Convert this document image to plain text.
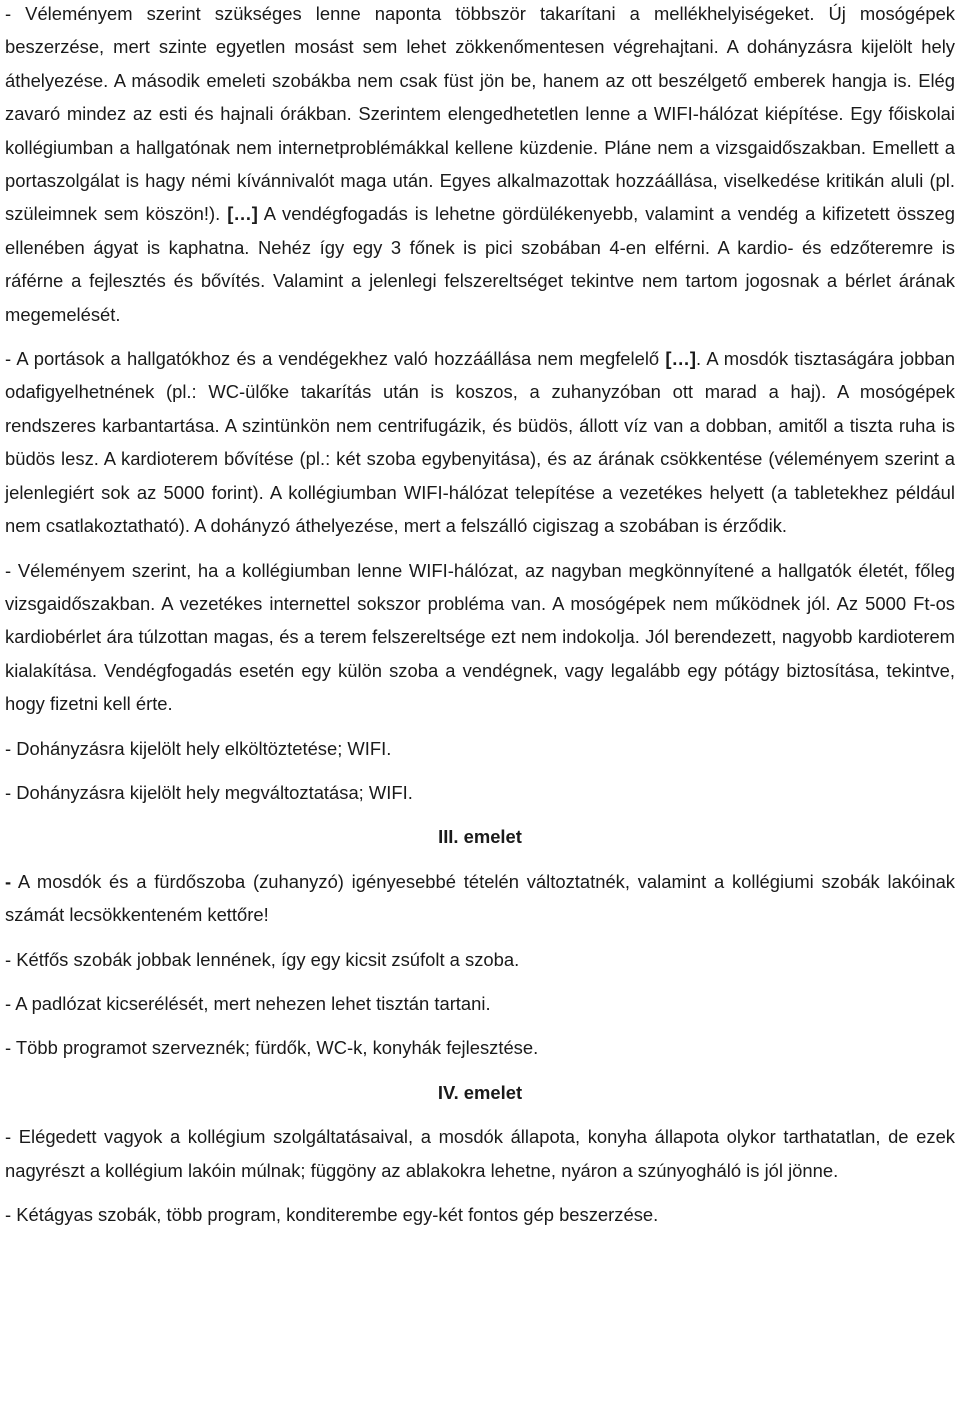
- Véleményem szerint szükséges lenne naponta többször takarítani a mellékhelyiségeket. Új mosógépek beszerzése, mert szinte egyetlen mosást sem lehet zökkenőmentesen végrehajtani. A dohányzásra kijelölt hely áthelyezése. A második emeleti szobákba nem csak füst jön be, hanem az ott beszélgető emberek hangja is. Elég zavaró mindez az esti és hajnali órákban. Szerintem elengedhetetlen lenne a WIFI-hálózat kiépítése. Egy főiskolai kollégiumban a hallgatónak nem internetproblémákkal kellene küzdenie. Pláne nem a vizsgaidőszakban. Emellett a portaszolgálat is hagy némi kívánnivalót maga után. Egyes alkalmazottak hozzáállása, viselkedése kritikán aluli (pl. szüleimnek sem köszön!). […] A vendégfogadás is lehetne gördülékenyebb, valamint a vendég a kifizetett összeg ellenében ágyat is kaphatna. Nehéz így egy 3 főnek is pici szobában 4-en elférni. A kardio- és edzőteremre is ráférne a fejlesztés és bővítés. Valamint a jelenlegi felszereltséget tekintve nem tartom jogosnak a bérlet árának megemelését.

- A portások a hallgatókhoz és a vendégekhez való hozzáállása nem megfelelő […]. A mosdók tisztaságára jobban odafigyelhetnének (pl.: WC-ülőke takarítás után is koszos, a zuhanyzóban ott marad a haj). A mosógépek rendszeres karbantartása. A szintünkön nem centrifugázik, és büdös, állott víz van a dobban, amitől a tiszta ruha is büdös lesz. A kardioterem bővítése (pl.: két szoba egybenyitása), és az árának csökkentése (véleményem szerint a jelenlegiért sok az 5000 forint). A kollégiumban WIFI-hálózat telepítése a vezetékes helyett (a tabletekhez például nem csatlakoztatható). A dohányzó áthelyezése, mert a felszálló cigiszag a szobában is érződik.

- Véleményem szerint, ha a kollégiumban lenne WIFI-hálózat, az nagyban megkönnyítené a hallgatók életét, főleg vizsgaidőszakban. A vezetékes internettel sokszor probléma van. A mosógépek nem működnek jól. Az 5000 Ft-os kardiobérlet ára túlzottan magas, és a terem felszereltsége ezt nem indokolja. Jól berendezett, nagyobb kardioterem kialakítása. Vendégfogadás esetén egy külön szoba a vendégnek, vagy legalább egy pótágy biztosítása, tekintve, hogy fizetni kell érte.

- Dohányzásra kijelölt hely elköltöztetése; WIFI.

- Dohányzásra kijelölt hely megváltoztatása; WIFI.

III. emelet

- A mosdók és a fürdőszoba (zuhanyzó) igényesebbé tételén változtatnék, valamint a kollégiumi szobák lakóinak számát lecsökkenteném kettőre!

- Kétfős szobák jobbak lennének, így egy kicsit zsúfolt a szoba.

- A padlózat kicserélését, mert nehezen lehet tisztán tartani.

- Több programot szerveznék; fürdők, WC-k, konyhák fejlesztése.

IV. emelet

- Elégedett vagyok a kollégium szolgáltatásaival, a mosdók állapota, konyha állapota olykor tarthatatlan, de ezek nagyrészt a kollégium lakóin múlnak; függöny az ablakokra lehetne, nyáron a szúnyogháló is jól jönne.

- Kétágyas szobák, több program, konditerembe egy-két fontos gép beszerzése.
